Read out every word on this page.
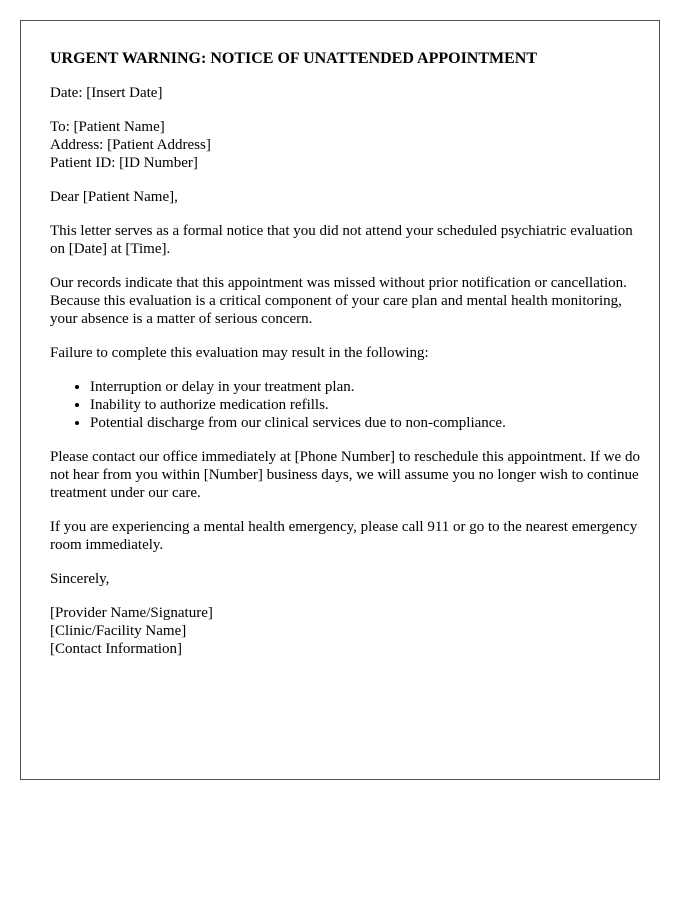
URGENT WARNING: NOTICE OF UNATTENDED APPOINTMENT
Date: [Insert Date]
To: [Patient Name]
Address: [Patient Address]
Patient ID: [ID Number]
Dear [Patient Name],
This letter serves as a formal notice that you did not attend your scheduled psychiatric evaluation on [Date] at [Time].
Our records indicate that this appointment was missed without prior notification or cancellation. Because this evaluation is a critical component of your care plan and mental health monitoring, your absence is a matter of serious concern.
Failure to complete this evaluation may result in the following:
• Interruption or delay in your treatment plan.
• Inability to authorize medication refills.
• Potential discharge from our clinical services due to non-compliance.
Please contact our office immediately at [Phone Number] to reschedule this appointment. If we do not hear from you within [Number] business days, we will assume you no longer wish to continue treatment under our care.
If you are experiencing a mental health emergency, please call 911 or go to the nearest emergency room immediately.
Sincerely,
[Provider Name/Signature]
[Clinic/Facility Name]
[Contact Information]
